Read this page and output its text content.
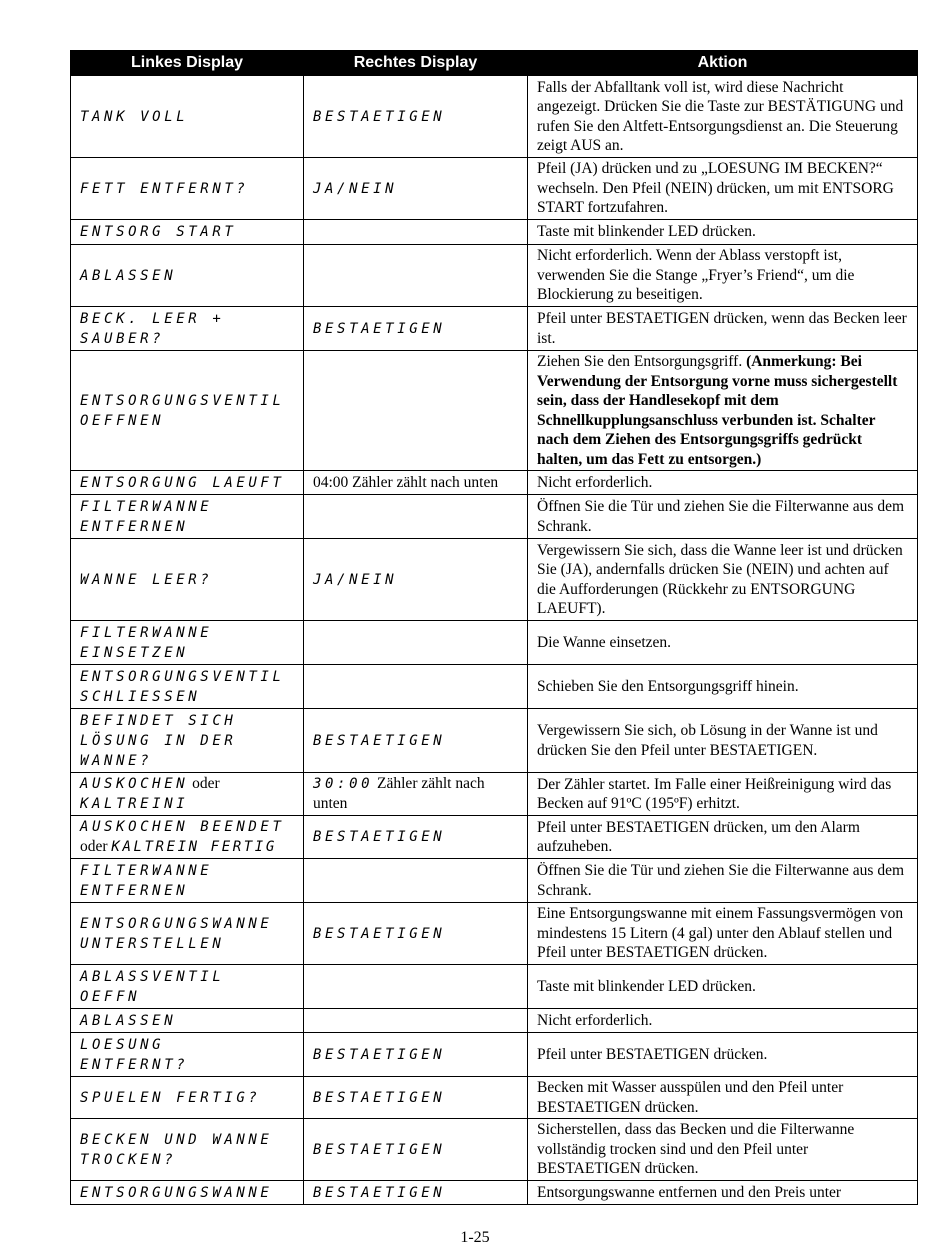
Linkes Display	Rechtes Display	Aktion

TANK VOLL	BESTAETIGEN	Falls der Abfalltank voll ist, wird diese Nachricht angezeigt. Drücken Sie die Taste zur BESTÄTIGUNG und rufen Sie den Altfett-Entsorgungsdienst an. Die Steuerung zeigt AUS an.

FETT ENTFERNT?	JA/NEIN	Pfeil (JA) drücken und zu „LOESUNG IM BECKEN?“ wechseln. Den Pfeil (NEIN) drücken, um mit ENTSORG START fortzufahren.

ENTSORG START		Taste mit blinkender LED drücken.

ABLASSEN		Nicht erforderlich. Wenn der Ablass verstopft ist, verwenden Sie die Stange „Fryer’s Friend“, um die Blockierung zu beseitigen.

BECK. LEER +
SAUBER?	BESTAETIGEN	Pfeil unter BESTAETIGEN drücken, wenn das Becken leer ist.

ENTSORGUNGSVENTIL
OEFFNEN		Ziehen Sie den Entsorgungsgriff. (Anmerkung: Bei Verwendung der Entsorgung vorne muss sichergestellt sein, dass der Handlesekopf mit dem Schnellkupplungsanschluss verbunden ist. Schalter nach dem Ziehen des Entsorgungsgriffs gedrückt halten, um das Fett zu entsorgen.)

ENTSORGUNG LAEUFT	04:00 Zähler zählt nach unten	Nicht erforderlich.

FILTERWANNE
ENTFERNEN		Öffnen Sie die Tür und ziehen Sie die Filterwanne aus dem Schrank.

WANNE LEER?	JA/NEIN	Vergewissern Sie sich, dass die Wanne leer ist und drücken Sie (JA), andernfalls drücken Sie (NEIN) und achten auf die Aufforderungen (Rückkehr zu ENTSORGUNG LAEUFT).

FILTERWANNE
EINSETZEN		Die Wanne einsetzen.

ENTSORGUNGSVENTIL
SCHLIESSEN		Schieben Sie den Entsorgungsgriff hinein.

BEFINDET SICH
LÖSUNG IN DER
WANNE?	BESTAETIGEN	Vergewissern Sie sich, ob Lösung in der Wanne ist und drücken Sie den Pfeil unter BESTAETIGEN.

AUSKOCHEN oder
KALTREINI	30:00 Zähler zählt nach unten	Der Zähler startet. Im Falle einer Heißreinigung wird das Becken auf 91ºC (195ºF) erhitzt.

AUSKOCHEN BEENDET
oder KALTREIN FERTIG	BESTAETIGEN	Pfeil unter BESTAETIGEN drücken, um den Alarm aufzuheben.

FILTERWANNE
ENTFERNEN		Öffnen Sie die Tür und ziehen Sie die Filterwanne aus dem Schrank.

ENTSORGUNGSWANNE
UNTERSTELLEN	BESTAETIGEN	Eine Entsorgungswanne mit einem Fassungsvermögen von mindestens 15 Litern (4 gal) unter den Ablauf stellen und Pfeil unter BESTAETIGEN drücken.

ABLASSVENTIL
OEFFN		Taste mit blinkender LED drücken.

ABLASSEN		Nicht erforderlich.

LOESUNG
ENTFERNT?	BESTAETIGEN	Pfeil unter BESTAETIGEN drücken.

SPUELEN FERTIG?	BESTAETIGEN	Becken mit Wasser ausspülen und den Pfeil unter BESTAETIGEN drücken.

BECKEN UND WANNE
TROCKEN?	BESTAETIGEN	Sicherstellen, dass das Becken und die Filterwanne vollständig trocken sind und den Pfeil unter BESTAETIGEN drücken.

ENTSORGUNGSWANNE	BESTAETIGEN	Entsorgungswanne entfernen und den Preis unter
1-25
